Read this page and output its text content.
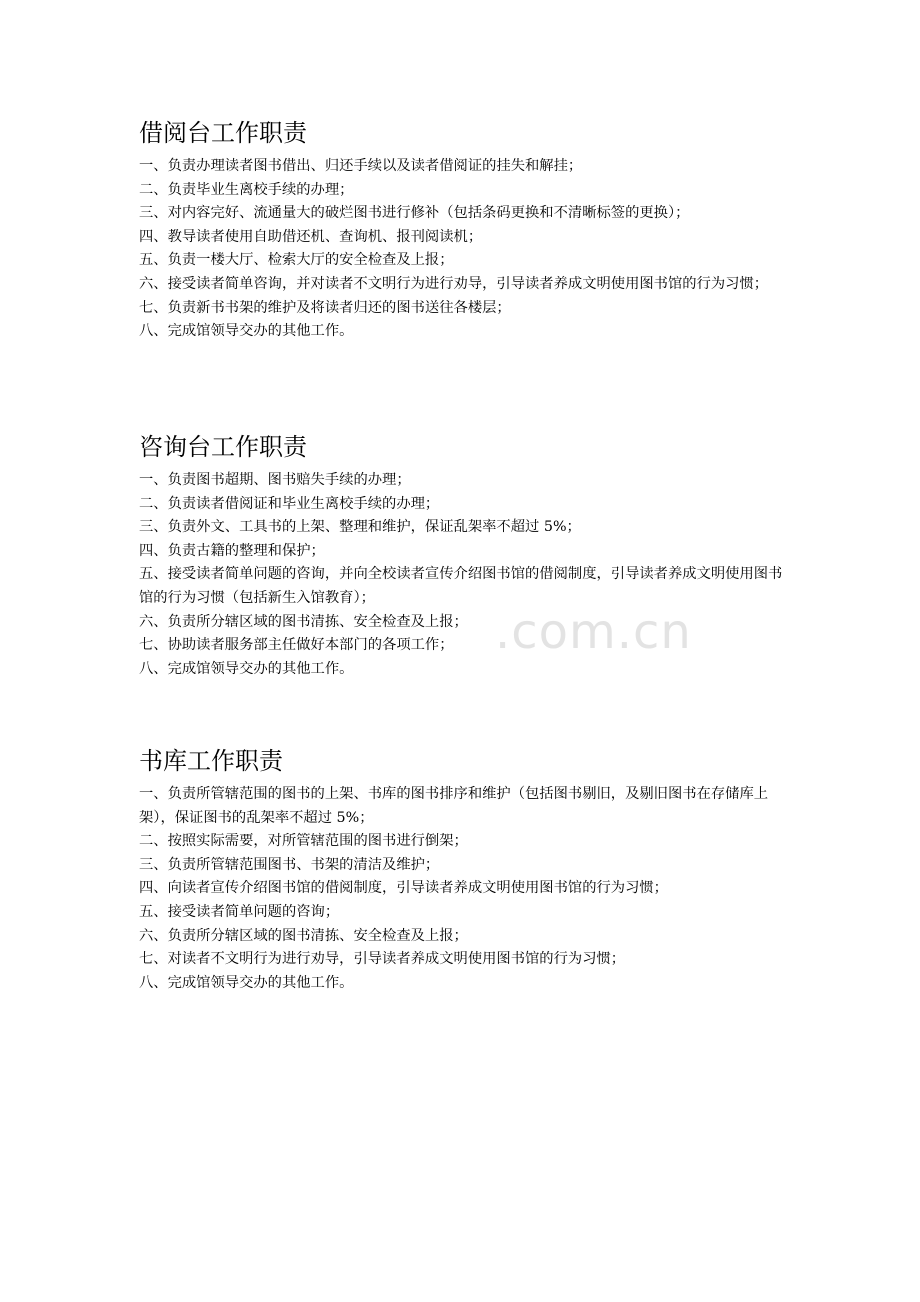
借阅台工作职责

一、负责办理读者图书借出、归还手续以及读者借阅证的挂失和解挂；

二、负责毕业生离校手续的办理；

三、对内容完好、流通量大的破烂图书进行修补（包括条码更换和不清晰标签的更换）；

四、教导读者使用自助借还机、查询机、报刊阅读机；

五、负责一楼大厅、检索大厅的安全检查及上报；

六、接受读者简单咨询，并对读者不文明行为进行劝导，引导读者养成文明使用图书馆的行为习惯；

七、负责新书书架的维护及将读者归还的图书送往各楼层；

八、完成馆领导交办的其他工作。

咨询台工作职责

一、负责图书超期、图书赔失手续的办理；

二、负责读者借阅证和毕业生离校手续的办理；

三、负责外文、工具书的上架、整理和维护，保证乱架率不超过 5%；

四、负责古籍的整理和保护；

五、接受读者简单问题的咨询，并向全校读者宣传介绍图书馆的借阅制度，引导读者养成文明使用图书馆的行为习惯（包括新生入馆教育）；

六、负责所分辖区域的图书清拣、安全检查及上报；

七、协助读者服务部主任做好本部门的各项工作；

八、完成馆领导交办的其他工作。

书库工作职责

一、负责所管辖范围的图书的上架、书库的图书排序和维护（包括图书剔旧，及剔旧图书在存储库上架），保证图书的乱架率不超过 5%；

二、按照实际需要，对所管辖范围的图书进行倒架；

三、负责所管辖范围图书、书架的清洁及维护；

四、向读者宣传介绍图书馆的借阅制度，引导读者养成文明使用图书馆的行为习惯；

五、接受读者简单问题的咨询；

六、负责所分辖区域的图书清拣、安全检查及上报；

七、对读者不文明行为进行劝导，引导读者养成文明使用图书馆的行为习惯；

八、完成馆领导交办的其他工作。

.com.cn
